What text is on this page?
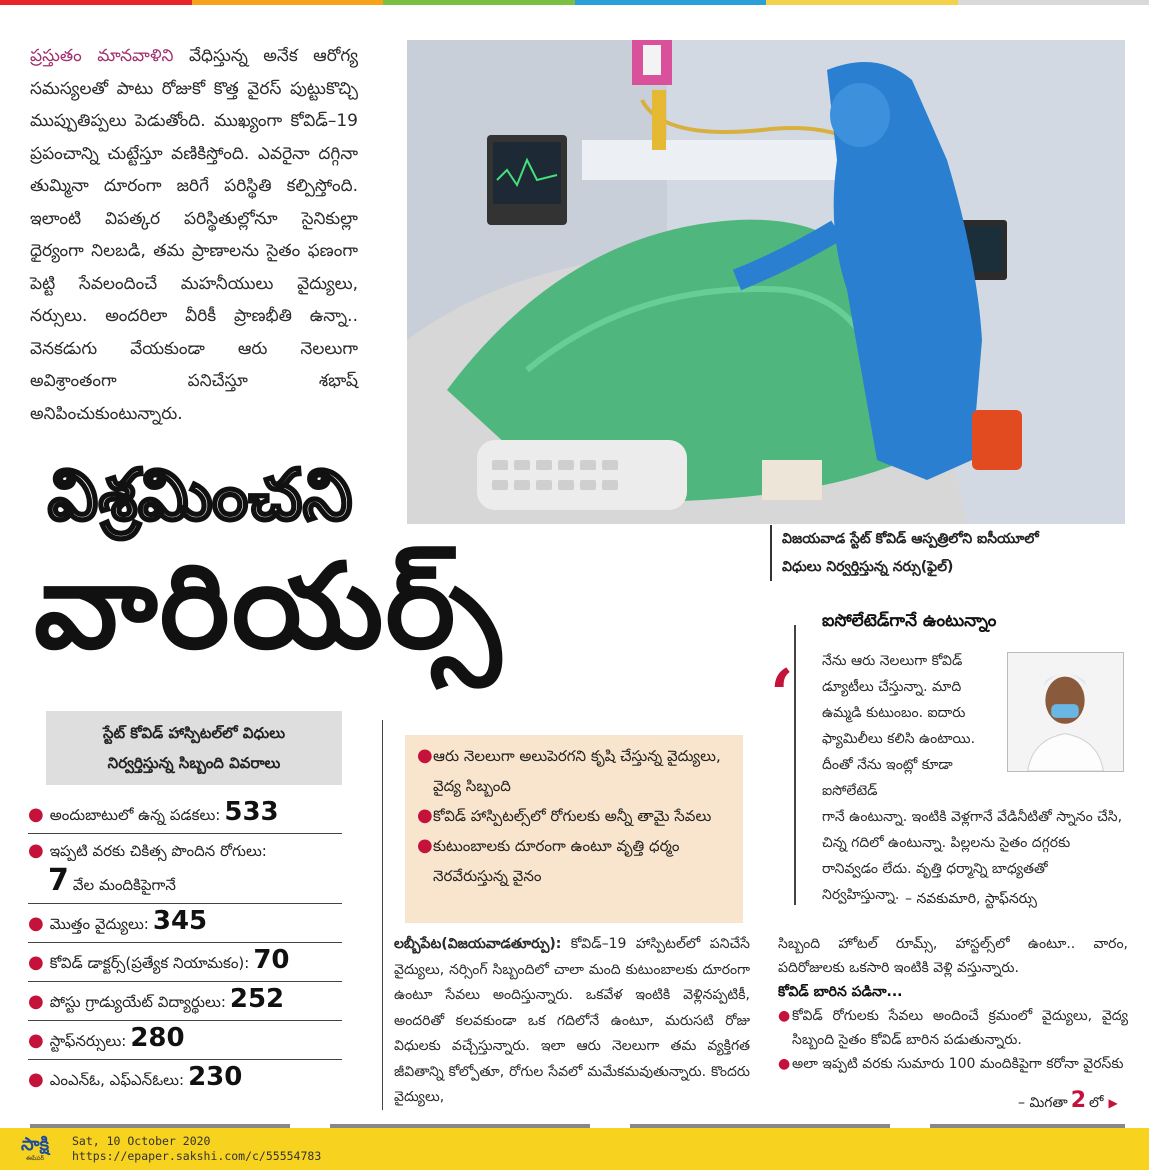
ప్రస్తుతం మానవాళిని వేధిస్తున్న అనేక ఆరోగ్య సమస్యలతో పాటు రోజుకో కొత్త వైరస్ పుట్టుకొచ్చి ముప్పుతిప్పలు పెడుతోంది. ముఖ్యంగా కోవిడ్–19 ప్రపంచాన్ని చుట్టేస్తూ వణికిస్తోంది. ఎవరైనా దగ్గినా తుమ్మినా దూరంగా జరిగే పరిస్థితి కల్పిస్తోంది. ఇలాంటి విపత్కర పరిస్థితుల్లోనూ సైనికుల్లా ధైర్యంగా నిలబడి, తమ ప్రాణాలను సైతం ఫణంగా పెట్టి సేవలందించే మహనీయులు వైద్యులు, నర్సులు. అందరిలా వీరికీ ప్రాణభీతి ఉన్నా.. వెనకడుగు వేయకుండా ఆరు నెలలుగా అవిశ్రాంతంగా పనిచేస్తూ శభాష్ అనిపించుకుంటున్నారు.
విజయవాడ స్టేట్ కోవిడ్ ఆస్పత్రిలోని ఐసీయూలో
విధులు నిర్వర్తిస్తున్న నర్సు(ఫైల్)
విశ్రమించని
వారియర్స్
స్టేట్ కోవిడ్ హాస్పిటల్‌లో విధులు
నిర్వర్తిస్తున్న సిబ్బంది వివరాలు
● అందుబాటులో ఉన్న పడకలు: 533
● ఇప్పటి వరకు చికిత్స పొందిన రోగులు:
7 వేల మందికిపైగానే
● మొత్తం వైద్యులు: 345
● కోవిడ్ డాక్టర్స్(ప్రత్యేక నియామకం): 70
● పోస్టు గ్రాడ్యుయేట్ విద్యార్థులు: 252
● స్టాఫ్‌నర్సులు: 280
● ఎంఎన్ఓ, ఎఫ్ఎన్ఓలు: 230
● ఆరు నెలలుగా అలుపెరగని కృషి చేస్తున్న వైద్యులు, వైద్య సిబ్బంది
● కోవిడ్ హాస్పిటల్స్‌లో రోగులకు అన్నీ తామై సేవలు
● కుటుంబాలకు దూరంగా ఉంటూ వృత్తి ధర్మం నెరవేరుస్తున్న వైనం
లబ్బీపేట(విజయవాడతూర్పు): కోవిడ్–19 హాస్పిటల్‌లో పనిచేసే వైద్యులు, నర్సింగ్ సిబ్బందిలో చాలా మంది కుటుంబాలకు దూరంగా ఉంటూ సేవలు అందిస్తున్నారు. ఒకవేళ ఇంటికి వెళ్లినప్పటికీ, అందరితో కలవకుండా ఒక గదిలోనే ఉంటూ, మరుసటి రోజు విధులకు వచ్చేస్తున్నారు. ఇలా ఆరు నెలలుగా తమ వ్యక్తిగత జీవితాన్ని కోల్పోతూ, రోగుల సేవలో మమేకమవుతున్నారు. కొందరు వైద్యులు,
ఐసోలేటెడ్‌గానే ఉంటున్నాం
‘ నేను ఆరు నెలలుగా కోవిడ్ డ్యూటీలు చేస్తున్నా. మాది ఉమ్మడి కుటుంబం. ఐదారు ఫ్యామిలీలు కలిసి ఉంటాయి. దీంతో నేను ఇంట్లో కూడా ఐసోలేటెడ్
గానే ఉంటున్నా. ఇంటికి వెళ్లగానే వేడినీటితో స్నానం చేసి, చిన్న గదిలో ఉంటున్నా. పిల్లలను సైతం దగ్గరకు రానివ్వడం లేదు. వృత్తి ధర్మాన్ని బాధ్యతతో నిర్వహిస్తున్నా. – నవకుమారి, స్టాఫ్‌నర్సు
సిబ్బంది హోటల్ రూమ్స్, హాస్టల్స్‌లో ఉంటూ.. వారం, పదిరోజులకు ఒకసారి ఇంటికి వెళ్లి వస్తున్నారు.
కోవిడ్ బారిన పడినా...
● కోవిడ్ రోగులకు సేవలు అందించే క్రమంలో వైద్యులు, వైద్య సిబ్బంది సైతం కోవిడ్ బారిన పడుతున్నారు.
● అలా ఇప్పటి వరకు సుమారు 100 మందికిపైగా కరోనా వైరస్‌కు
– మిగతా 2 లో ▶
సాక్షి
ఈపేపర్
Sat, 10 October 2020
https://epaper.sakshi.com/c/55554783
